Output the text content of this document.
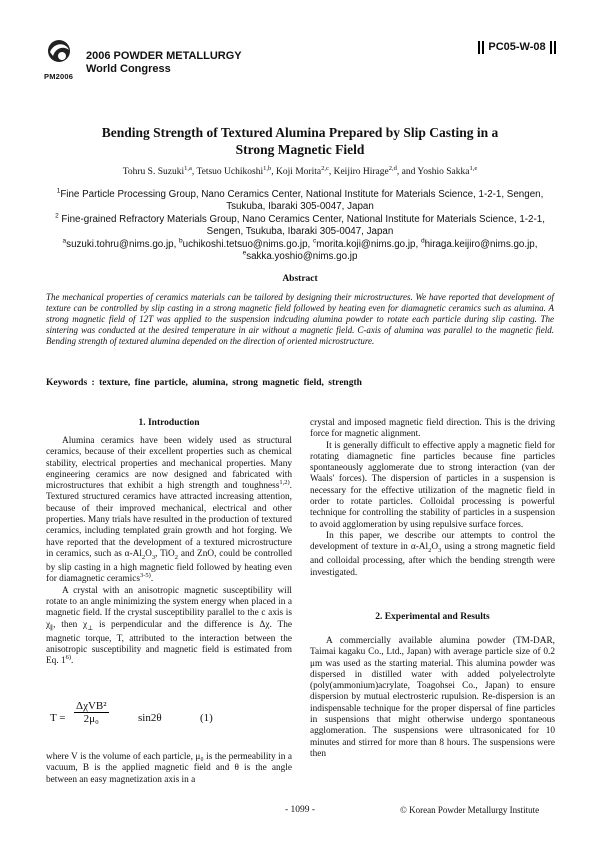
PM2006
2006 POWDER METALLURGY
World Congress
PC05-W-08
Bending Strength of Textured Alumina Prepared by Slip Casting in a
Strong Magnetic Field
Tohru S. Suzuki$^{1,a}$, Tetsuo Uchikoshi$^{1,b}$, Koji Morita$^{2,c}$, Keijiro Hirage$^{2,d}$, and Yoshio Sakka$^{1,e}$
$^1$Fine Particle Processing Group, Nano Ceramics Center, National Institute for Materials Science, 1-2-1, Sengen,
Tsukuba, Ibaraki 305-0047, Japan
$^2$ Fine-grained Refractory Materials Group, Nano Ceramics Center, National Institute for Materials Science, 1-2-1,
Sengen, Tsukuba, Ibaraki 305-0047, Japan
$^a$suzuki.tohru@nims.go.jp, $^b$uchikoshi.tetsuo@nims.go.jp, $^c$morita.koji@nims.go.jp, $^d$hiraga.keijiro@nims.go.jp,
$^e$sakka.yoshio@nims.go.jp
Abstract
The mechanical properties of ceramics materials can be tailored by designing their microstructures. We have reported that development of texture can be controlled by slip casting in a strong magnetic field followed by heating even for diamagnetic ceramics such as alumina. A strong magnetic field of 12T was applied to the suspension indcuding alumina powder to rotate each particle during slip casting. The sintering was conducted at the desired temperature in air without a magnetic field. C-axis of alumina was parallel to the magnetic field. Bending strength of textured alumina depended on the direction of oriented microstructure.
Keywords : texture, fine particle, alumina, strong magnetic field, strength
1. Introduction

Alumina ceramics have been widely used as structural ceramics, because of their excellent properties such as chemical stability, electrical properties and mechanical properties. Many engineering ceramics are now designed and fabricated with microstructures that exhibit a high strength and toughness$^{1,2)}$. Textured structured ceramics have attracted increasing attention, because of their improved mechanical, electrical and other properties. Many trials have resulted in the production of textured ceramics, including templated grain growth and hot forging. We have reported that the development of a textured microstructure in ceramics, such as $\alpha-Al_2O_3$, TiO$_2$ and ZnO, could be controlled by slip casting in a high magnetic field followed by heating even for diamagnetic ceramics$^{3-5)}$.

A crystal with an anisotropic magnetic susceptibility will rotate to an angle minimizing the system energy when placed in a magnetic field. If the crystal susceptibility parallel to the c axis is $\chi_\parallel$, then $\chi_\perp$ is perpendicular and the difference is Δχ. The magnetic torque, T, attributed to the interaction between the anisotropic susceptibility and magnetic field is estimated from Eq. 1$^{6)}$.

T =
ΔχVB²
2μ₀	sin2θ	(1)
where V is the volume of each particle, μ₀ is the permeability in a vacuum, B is the applied magnetic field and θ is the angle between an easy magnetization axis in a
crystal and imposed magnetic field direction. This is the driving force for magnetic alignment.

It is generally difficult to effective apply a magnetic field for rotating diamagnetic fine particles because fine particles spontaneously agglomerate due to strong interaction (van der Waals' forces). The dispersion of particles in a suspension is necessary for the effective utilization of the magnetic field in order to rotate particles. Colloidal processing is powerful technique for controlling the stability of particles in a suspension to avoid agglomeration by using repulsive surface forces.

In this paper, we describe our attempts to control the development of texture in $\alpha-Al_2O_3$ using a strong magnetic field and colloidal processing, after which the bending strength were investigated.

2. Experimental and Results

A commercially available alumina powder (TM-DAR, Taimai kagaku Co., Ltd., Japan) with average particle size of 0.2 μm was used as the starting material. This alumina powder was dispersed in distilled water with added polyelectrolyte (poly(ammonium)acrylate, Toagohsei Co., Japan) to ensure dispersion by mutual electrosteric rupulsion. Re-dispersion is an indispensable technique for the proper dispersal of fine particles in suspensions that might otherwise undergo spontaneous agglomeration. The suspensions were ultrasonicated for 10 minutes and stirred for more than 8 hours. The suspensions were then

- 1099 -	© Korean Powder Metallurgy Institute
